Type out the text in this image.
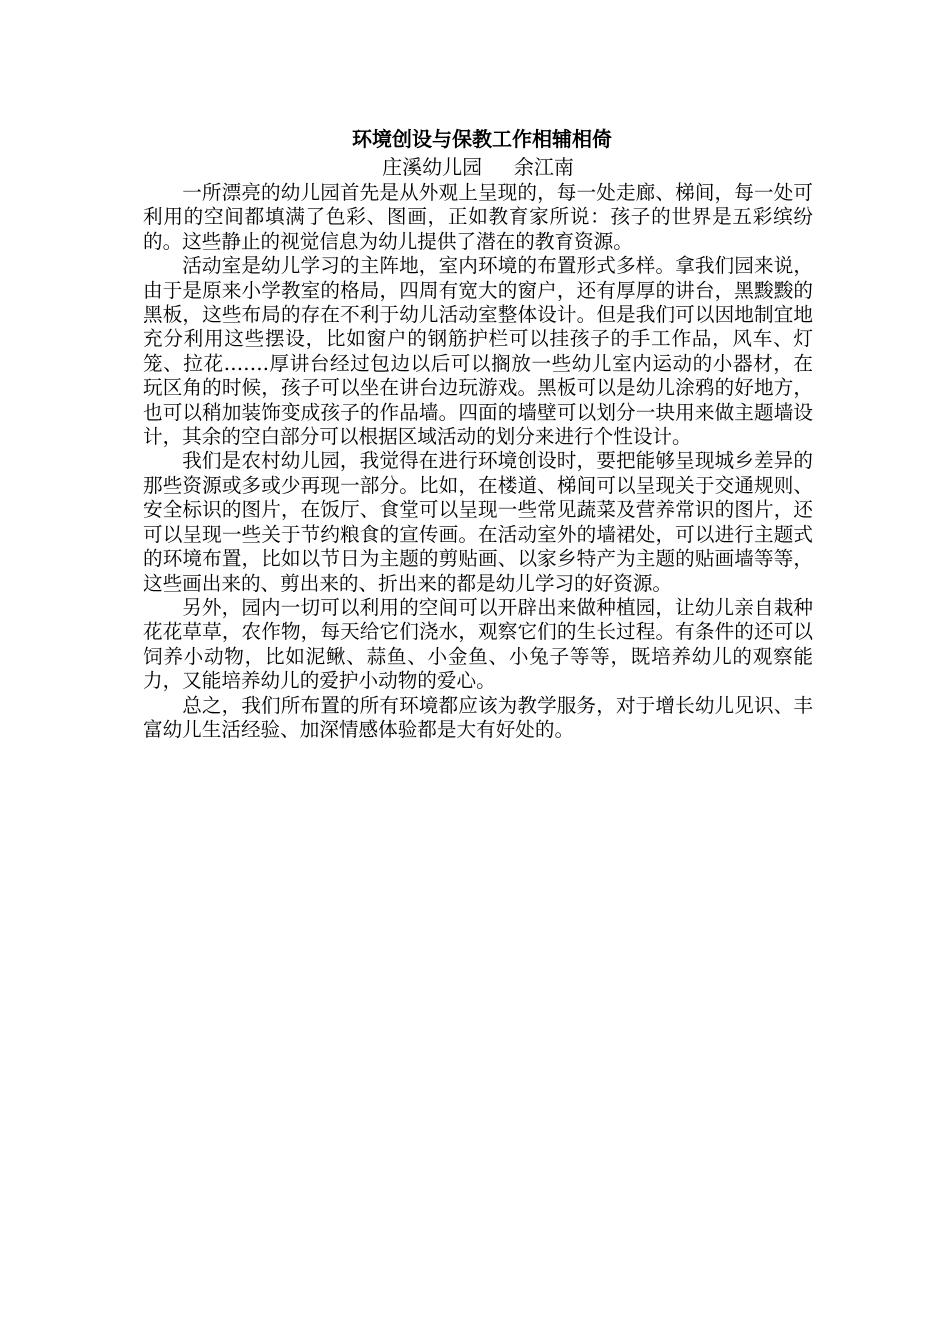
环境创设与保教工作相辅相倚
庄溪幼儿园     余江南

一所漂亮的幼儿园首先是从外观上呈现的，每一处走廊、梯间，每一处可利用的空间都填满了色彩、图画，正如教育家所说：孩子的世界是五彩缤纷的。这些静止的视觉信息为幼儿提供了潜在的教育资源。

活动室是幼儿学习的主阵地，室内环境的布置形式多样。拿我们园来说，由于是原来小学教室的格局，四周有宽大的窗户，还有厚厚的讲台，黑黢黢的黑板，这些布局的存在不利于幼儿活动室整体设计。但是我们可以因地制宜地充分利用这些摆设，比如窗户的钢筋护栏可以挂孩子的手工作品，风车、灯笼、拉花…….厚讲台经过包边以后可以搁放一些幼儿室内运动的小器材，在玩区角的时候，孩子可以坐在讲台边玩游戏。黑板可以是幼儿涂鸦的好地方，也可以稍加装饰变成孩子的作品墙。四面的墙壁可以划分一块用来做主题墙设计，其余的空白部分可以根据区域活动的划分来进行个性设计。

我们是农村幼儿园，我觉得在进行环境创设时，要把能够呈现城乡差异的那些资源或多或少再现一部分。比如，在楼道、梯间可以呈现关于交通规则、安全标识的图片，在饭厅、食堂可以呈现一些常见蔬菜及营养常识的图片，还可以呈现一些关于节约粮食的宣传画。在活动室外的墙裙处，可以进行主题式的环境布置，比如以节日为主题的剪贴画、以家乡特产为主题的贴画墙等等，这些画出来的、剪出来的、折出来的都是幼儿学习的好资源。

另外，园内一切可以利用的空间可以开辟出来做种植园，让幼儿亲自栽种花花草草，农作物，每天给它们浇水，观察它们的生长过程。有条件的还可以饲养小动物，比如泥鳅、蒜鱼、小金鱼、小兔子等等，既培养幼儿的观察能力，又能培养幼儿的爱护小动物的爱心。

总之，我们所布置的所有环境都应该为教学服务，对于增长幼儿见识、丰富幼儿生活经验、加深情感体验都是大有好处的。
